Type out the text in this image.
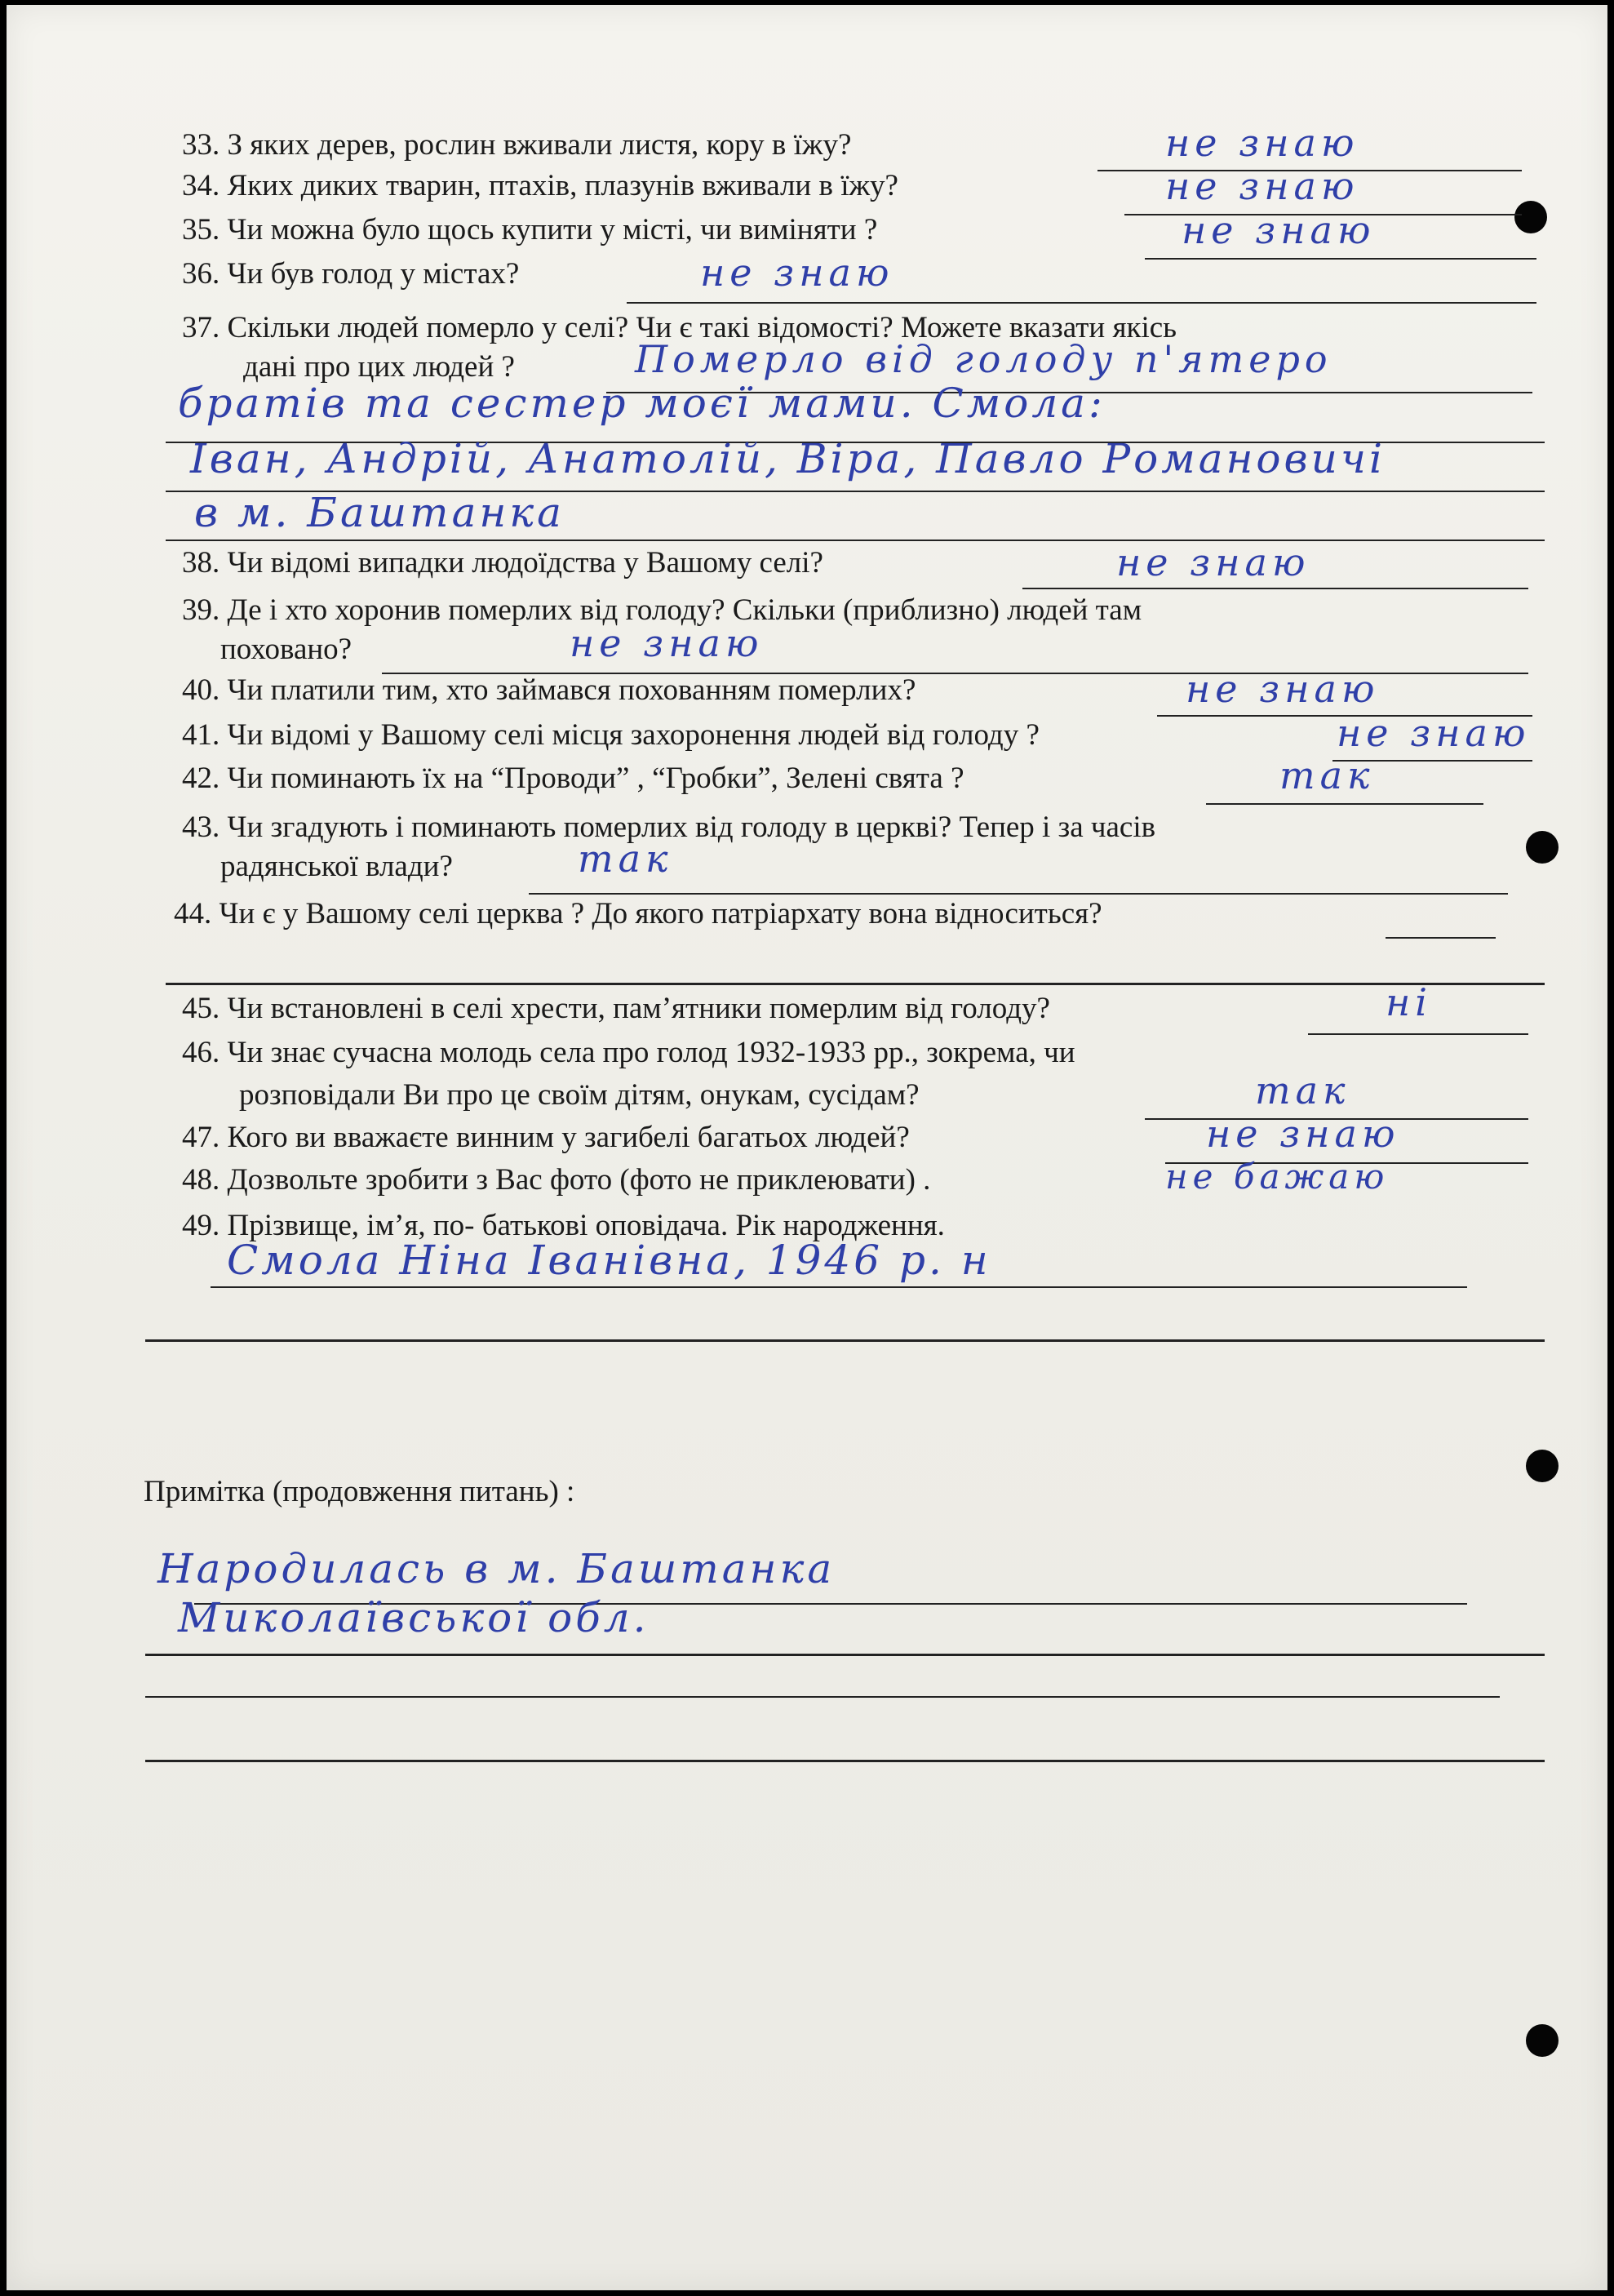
33. З яких дерев, рослин вживали листя, кору в їжу?	не знаю

34. Яких диких тварин, птахів, плазунів вживали в їжу?	не знаю

35. Чи можна було щось купити у місті, чи виміняти ?	не знаю

36. Чи був голод у містах?	не знаю

37. Скільки людей померло у селі? Чи є такі відомості? Можете вказати якісь

дані про цих людей ?	Померло від голоду п'ятеро

братів та сестер моєї мами. Смола:

Іван, Андрій, Анатолій, Віра, Павло Романовичі

в м. Баштанка

38. Чи відомі випадки людоїдства у Вашому селі?	не знаю

39. Де і хто хоронив померлих від голоду? Скільки (приблизно) людей там

поховано?	не знаю

40. Чи платили тим, хто займався похованням померлих?	не знаю

41. Чи відомі у Вашому селі місця захоронення людей від голоду ?	не знаю

42. Чи поминають їх на “Проводи” , “Гробки”, Зелені свята ?	так

43. Чи згадують і поминають померлих від голоду в церкві? Тепер і за часів

радянської влади?	так

44. Чи є у Вашому селі церква ? До якого патріархату вона відноситься?

45. Чи встановлені в селі хрести, пам’ятники померлим від голоду?	ні

46. Чи знає сучасна молодь села про голод 1932-1933 рр., зокрема, чи

розповідали Ви про це своїм дітям, онукам, сусідам?	так

47. Кого ви вважаєте винним у загибелі багатьох людей?	не знаю

48. Дозвольте зробити з Вас фото (фото не приклеювати) .	не бажаю

49. Прізвище, ім’я, по- батькові оповідача. Рік народження.

Смола Ніна Іванівна, 1946 р. н

Примітка (продовження питань) :

Народилась в м. Баштанка

Миколаївської обл.
